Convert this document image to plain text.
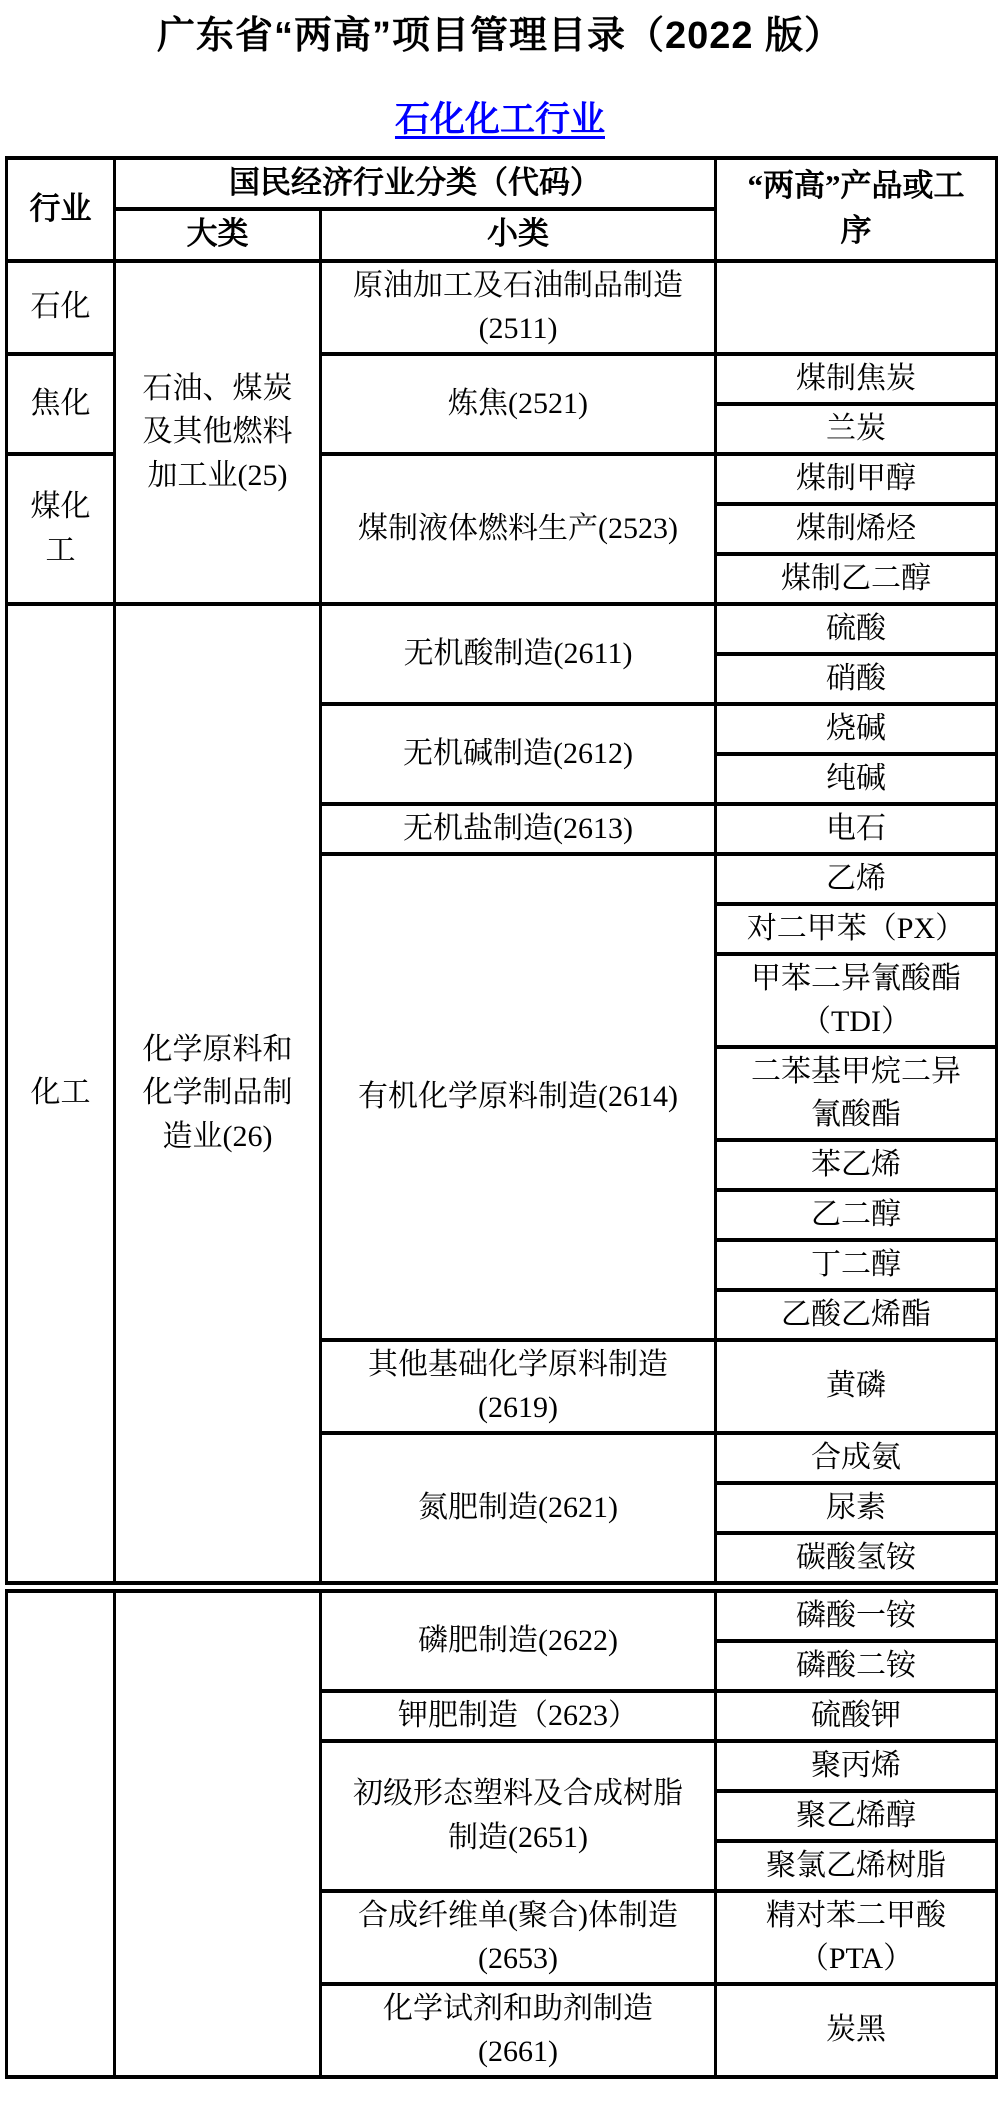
广东省“两高”项目管理目录（2022 版）
石化化工行业
行业	国民经济行业分类（代码）		“两高”产品或工序
	大类	小类	
石化	石油、煤炭及其他燃料加工业(25)	原油加工及石油制品制造(2511)	
焦化		炼焦(2521)	煤制焦炭
			兰炭
煤化工		煤制液体燃料生产(2523)	煤制甲醇
			煤制烯烃
			煤制乙二醇
化工	化学原料和化学制品制造业(26)	无机酸制造(2611)	硫酸
			硝酸
		无机碱制造(2612)	烧碱
			纯碱
		无机盐制造(2613)	电石
		有机化学原料制造(2614)	乙烯
			对二甲苯（PX）
			甲苯二异氰酸酯（TDI）
			二苯基甲烷二异氰酸酯
			苯乙烯
			乙二醇
			丁二醇
			乙酸乙烯酯
		其他基础化学原料制造(2619)	黄磷
		氮肥制造(2621)	合成氨
			尿素
			碳酸氢铵
		磷肥制造(2622)	磷酸一铵
			磷酸二铵
		钾肥制造（2623）	硫酸钾
		初级形态塑料及合成树脂制造(2651)	聚丙烯
			聚乙烯醇
			聚氯乙烯树脂
		合成纤维单(聚合)体制造(2653)	精对苯二甲酸（PTA）
		化学试剂和助剂制造(2661)	炭黑
